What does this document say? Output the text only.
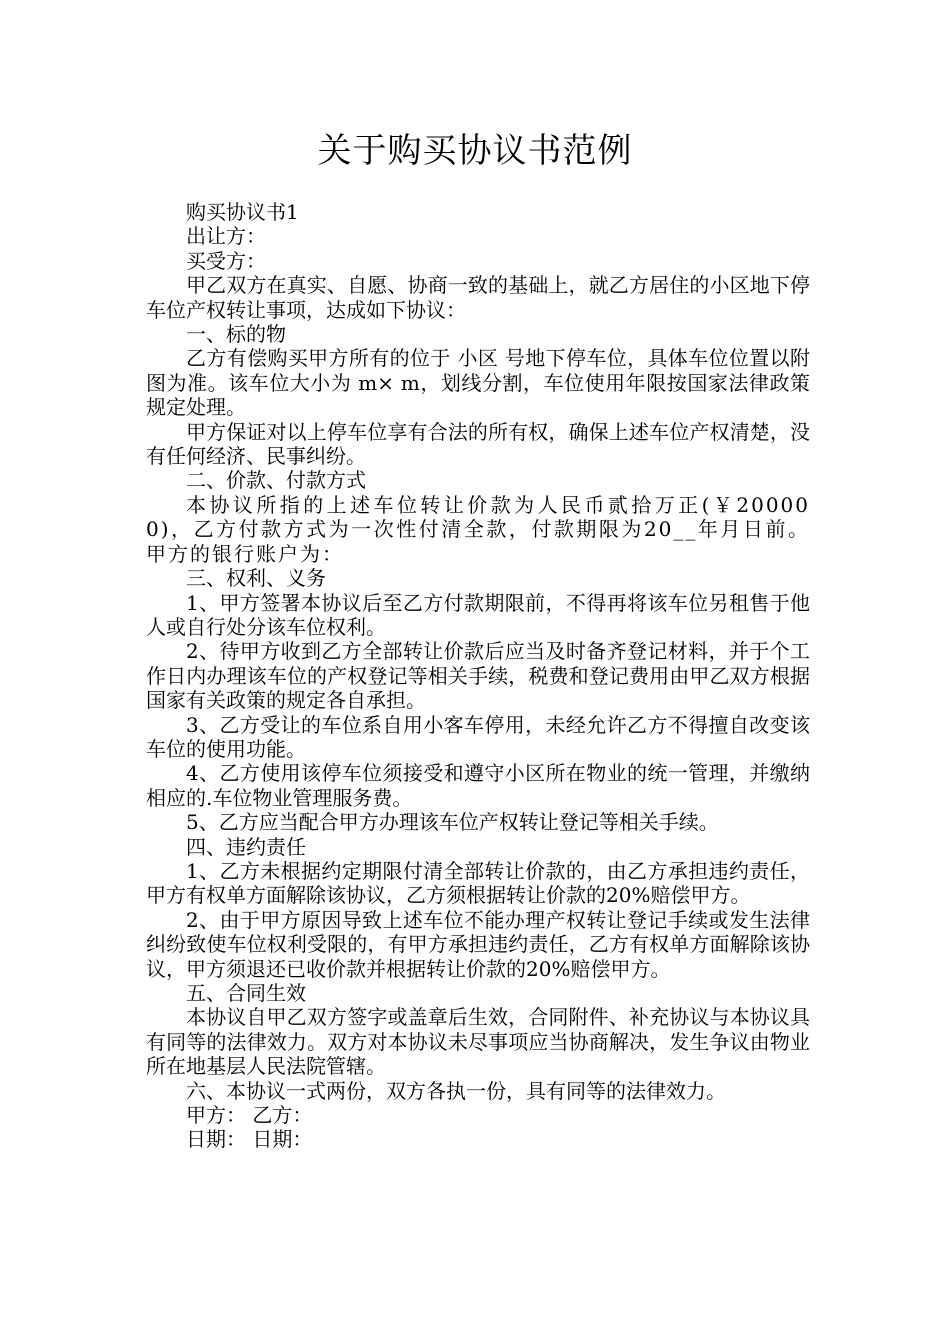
关于购买协议书范例

购买协议书1

出让方：

买受方：

甲乙双方在真实、自愿、协商一致的基础上，就乙方居住的小区地下停车位产权转让事项，达成如下协议：

一、标的物

乙方有偿购买甲方所有的位于 小区 号地下停车位，具体车位位置以附图为准。该车位大小为 m× m，划线分割，车位使用年限按国家法律政策规定处理。

甲方保证对以上停车位享有合法的所有权，确保上述车位产权清楚，没有任何经济、民事纠纷。

二、价款、付款方式

本协议所指的上述车位转让价款为人民币贰拾万正(￥200000)，乙方付款方式为一次性付清全款，付款期限为20__年月日前。甲方的银行账户为：

三、权利、义务

1、甲方签署本协议后至乙方付款期限前，不得再将该车位另租售于他人或自行处分该车位权利。

2、待甲方收到乙方全部转让价款后应当及时备齐登记材料，并于个工作日内办理该车位的产权登记等相关手续，税费和登记费用由甲乙双方根据国家有关政策的规定各自承担。

3、乙方受让的车位系自用小客车停用，未经允许乙方不得擅自改变该车位的使用功能。

4、乙方使用该停车位须接受和遵守小区所在物业的统一管理，并缴纳相应的.车位物业管理服务费。

5、乙方应当配合甲方办理该车位产权转让登记等相关手续。

四、违约责任

1、乙方未根据约定期限付清全部转让价款的，由乙方承担违约责任，甲方有权单方面解除该协议，乙方须根据转让价款的20%赔偿甲方。

2、由于甲方原因导致上述车位不能办理产权转让登记手续或发生法律纠纷致使车位权利受限的，有甲方承担违约责任，乙方有权单方面解除该协议，甲方须退还已收价款并根据转让价款的20%赔偿甲方。

五、合同生效

本协议自甲乙双方签字或盖章后生效，合同附件、补充协议与本协议具有同等的法律效力。双方对本协议未尽事项应当协商解决，发生争议由物业所在地基层人民法院管辖。

六、本协议一式两份，双方各执一份，具有同等的法律效力。

甲方： 乙方：

日期： 日期：
